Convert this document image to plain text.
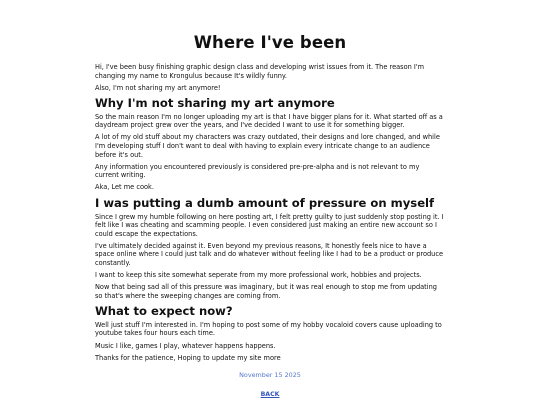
Where I've been

Hi, I've been busy finishing graphic design class and developing wrist issues from it. The reason I'm changing my name to Krongulus because It's wildly funny.

Also, I'm not sharing my art anymore!

Why I'm not sharing my art anymore

So the main reason I'm no longer uploading my art is that I have bigger plans for it. What started off as a daydream project grew over the years, and I've decided I want to use it for something bigger.

A lot of my old stuff about my characters was crazy outdated, their designs and lore changed, and while I'm developing stuff I don't want to deal with having to explain every intricate change to an audience before it's out.

Any information you encountered previously is considered pre-pre-alpha and is not relevant to my current writing.

Aka, Let me cook.

I was putting a dumb amount of pressure on myself

Since I grew my humble following on here posting art, I felt pretty guilty to just suddenly stop posting it. I felt like I was cheating and scamming people. I even considered just making an entire new account so I could escape the expectations.

I've ultimately decided against it. Even beyond my previous reasons, It honestly feels nice to have a space online where I could just talk and do whatever without feeling like I had to be a product or produce constantly.

I want to keep this site somewhat seperate from my more professional work, hobbies and projects.

Now that being sad all of this pressure was imaginary, but it was real enough to stop me from updating so that's where the sweeping changes are coming from.

What to expect now?

Well just stuff I'm interested in. I'm hoping to post some of my hobby vocaloid covers cause uploading to youtube takes four hours each time.

Music I like, games I play, whatever happens happens.

Thanks for the patience, Hoping to update my site more

November 15 2025
BACK
